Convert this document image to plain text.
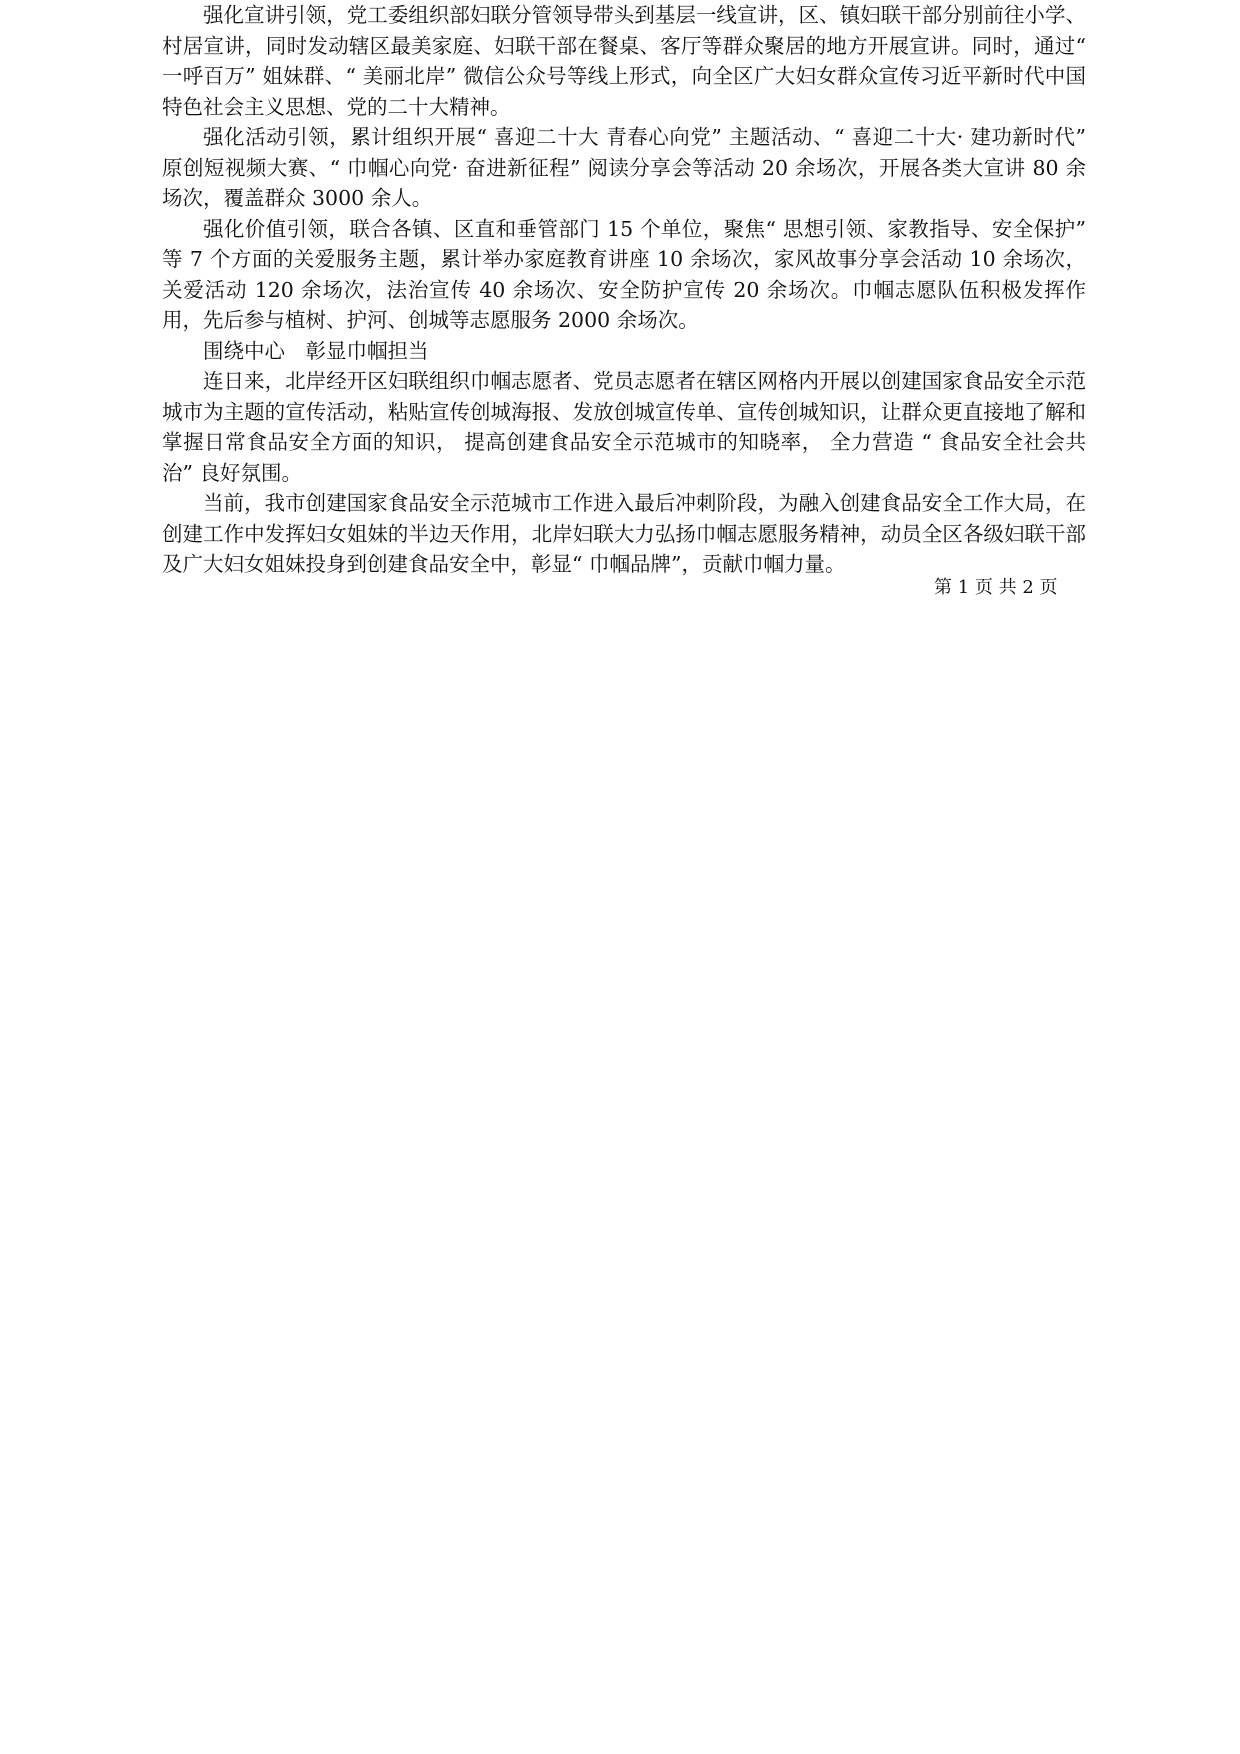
强化宣讲引领，党工委组织部妇联分管领导带头到基层一线宣讲，区、镇妇联干部分别前往小学、村居宣讲，同时发动辖区最美家庭、妇联干部在餐桌、客厅等群众聚居的地方开展宣讲。同时，通过“ 一呼百万” 姐妹群、“ 美丽北岸” 微信公众号等线上形式，向全区广大妇女群众宣传习近平新时代中国特色社会主义思想、党的二十大精神。

强化活动引领，累计组织开展“ 喜迎二十大 青春心向党” 主题活动、“ 喜迎二十大· 建功新时代” 原创短视频大赛、“ 巾帼心向党· 奋进新征程” 阅读分享会等活动 20 余场次，开展各类大宣讲 80 余场次，覆盖群众 3000 余人。

强化价值引领，联合各镇、区直和垂管部门 15 个单位，聚焦“ 思想引领、家教指导、安全保护” 等 7 个方面的关爱服务主题，累计举办家庭教育讲座 10 余场次，家风故事分享会活动 10 余场次，关爱活动 120 余场次，法治宣传 40 余场次、安全防护宣传 20 余场次。巾帼志愿队伍积极发挥作用，先后参与植树、护河、创城等志愿服务 2000 余场次。

围绕中心　彰显巾帼担当

连日来，北岸经开区妇联组织巾帼志愿者、党员志愿者在辖区网格内开展以创建国家食品安全示范城市为主题的宣传活动，粘贴宣传创城海报、发放创城宣传单、宣传创城知识，让群众更直接地了解和掌握日常食品安全方面的知识， 提高创建食品安全示范城市的知晓率， 全力营造 “ 食品安全社会共治” 良好氛围。

当前，我市创建国家食品安全示范城市工作进入最后冲刺阶段，为融入创建食品安全工作大局，在创建工作中发挥妇女姐妹的半边天作用，北岸妇联大力弘扬巾帼志愿服务精神，动员全区各级妇联干部及广大妇女姐妹投身到创建食品安全中，彰显“ 巾帼品牌”，贡献巾帼力量。

第 1 页 共 2 页
